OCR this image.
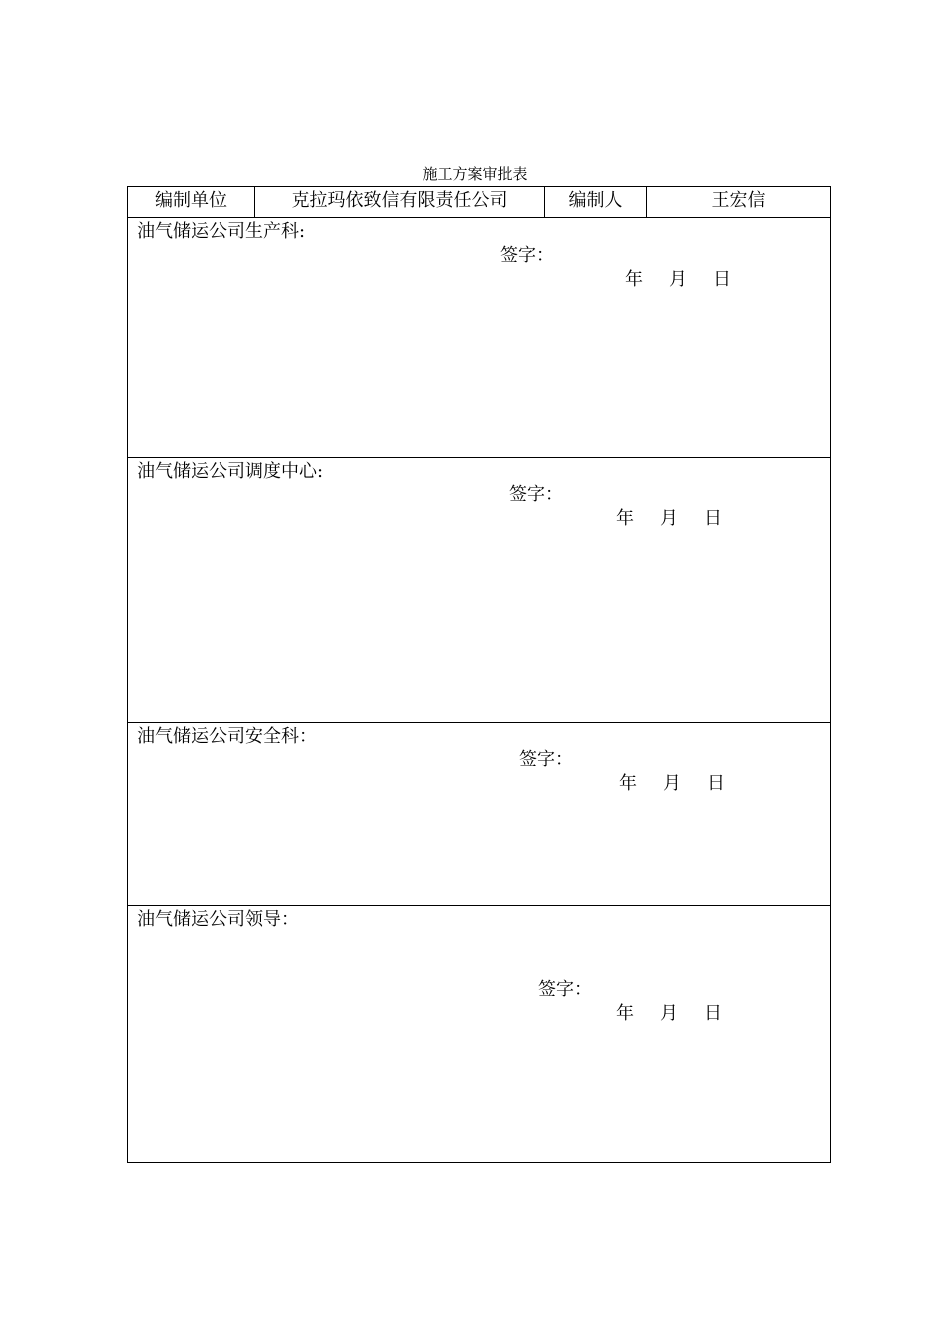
施工方案审批表
编制单位	克拉玛依致信有限责任公司	编制人	王宏信
油气储运公司生产科:
签字：
年 月 日
油气储运公司调度中心:
签字：
年 月 日
油气储运公司安全科：
签字：
年 月 日
油气储运公司领导：
签字：
年 月 日
